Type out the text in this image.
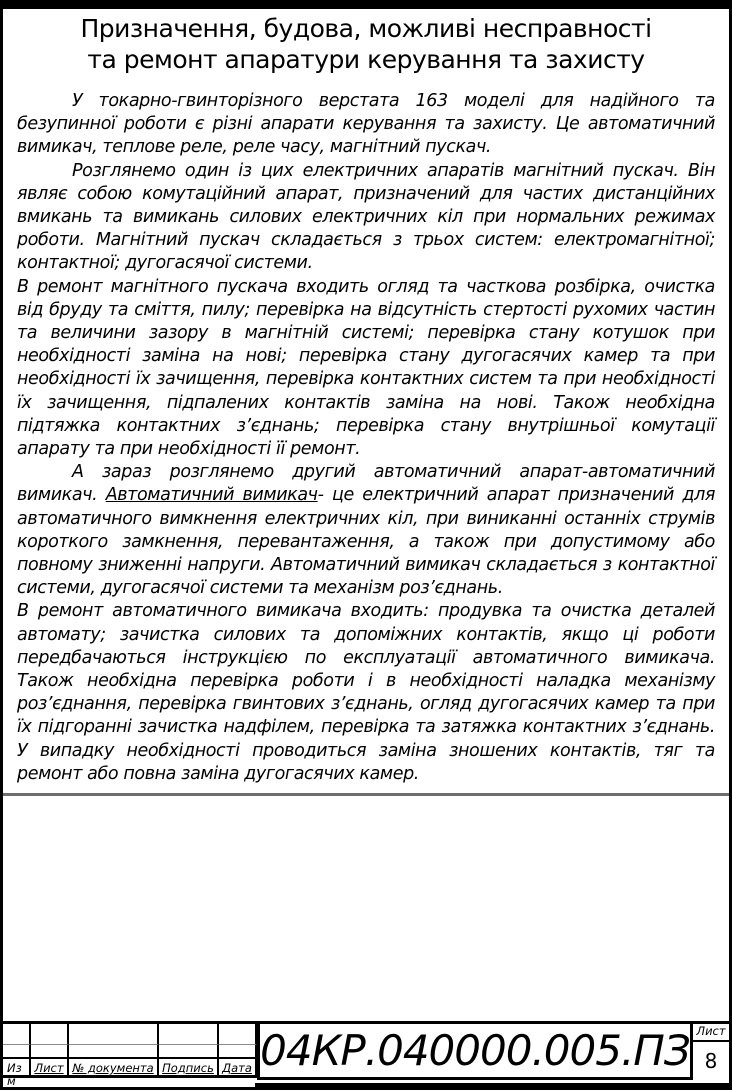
Призначення, будова, можливі несправності
та ремонт апаратури керування та захисту

У токарно-гвинторізного верстата 163 моделі для надійного та безупинної роботи є різні апарати керування та захисту. Це автоматичний вимикач, теплове реле, реле часу, магнітний пускач.

Розглянемо один із цих електричних апаратів магнітний пускач. Він являє собою комутаційний апарат, призначений для частих дистанційних вмикань та вимикань силових електричних кіл при нормальних режимах роботи. Магнітний пускач складається з трьох систем: електромагнітної; контактної; дугогасячої системи.

В ремонт магнітного пускача входить огляд та часткова розбірка, очистка від бруду та сміття, пилу; перевірка на відсутність стертості рухомих частин та величини зазору в магнітній системі; перевірка стану котушок при необхідності заміна на нові; перевірка стану дугогасячих камер та при необхідності їх зачищення, перевірка контактних систем та при необхідності їх зачищення, підпалених контактів заміна на нові. Також необхідна підтяжка контактних з’єднань; перевірка стану внутрішньої комутації апарату та при необхідності її ремонт.

А зараз розглянемо другий автоматичний апарат-автоматичний вимикач. Автоматичний вимикач- це електричний апарат призначений для автоматичного вимкнення електричних кіл, при виниканні останніх струмів короткого замкнення, перевантаження, а також при допустимому або повному зниженні напруги. Автоматичний вимикач складається з контактної системи, дугогасячої системи та механізм роз’єднань.

В ремонт автоматичного вимикача входить: продувка та очистка деталей автомату; зачистка силових та допоміжних контактів, якщо ці роботи передбачаються інструкцією по експлуатації автоматичного вимикача. Також необхідна перевірка роботи і в необхідності наладка механізму роз’єднання, перевірка гвинтових з’єднань, огляд дугогасячих камер та при їх підгоранні зачистка надфілем, перевірка та затяжка контактних з’єднань. У випадку необхідності проводиться заміна зношених контактів, тяг та ремонт або повна заміна дугогасячих камер.

Изм
Лист № документа Подпись Дата 04КР.040000.005.ПЗ Лист
8
